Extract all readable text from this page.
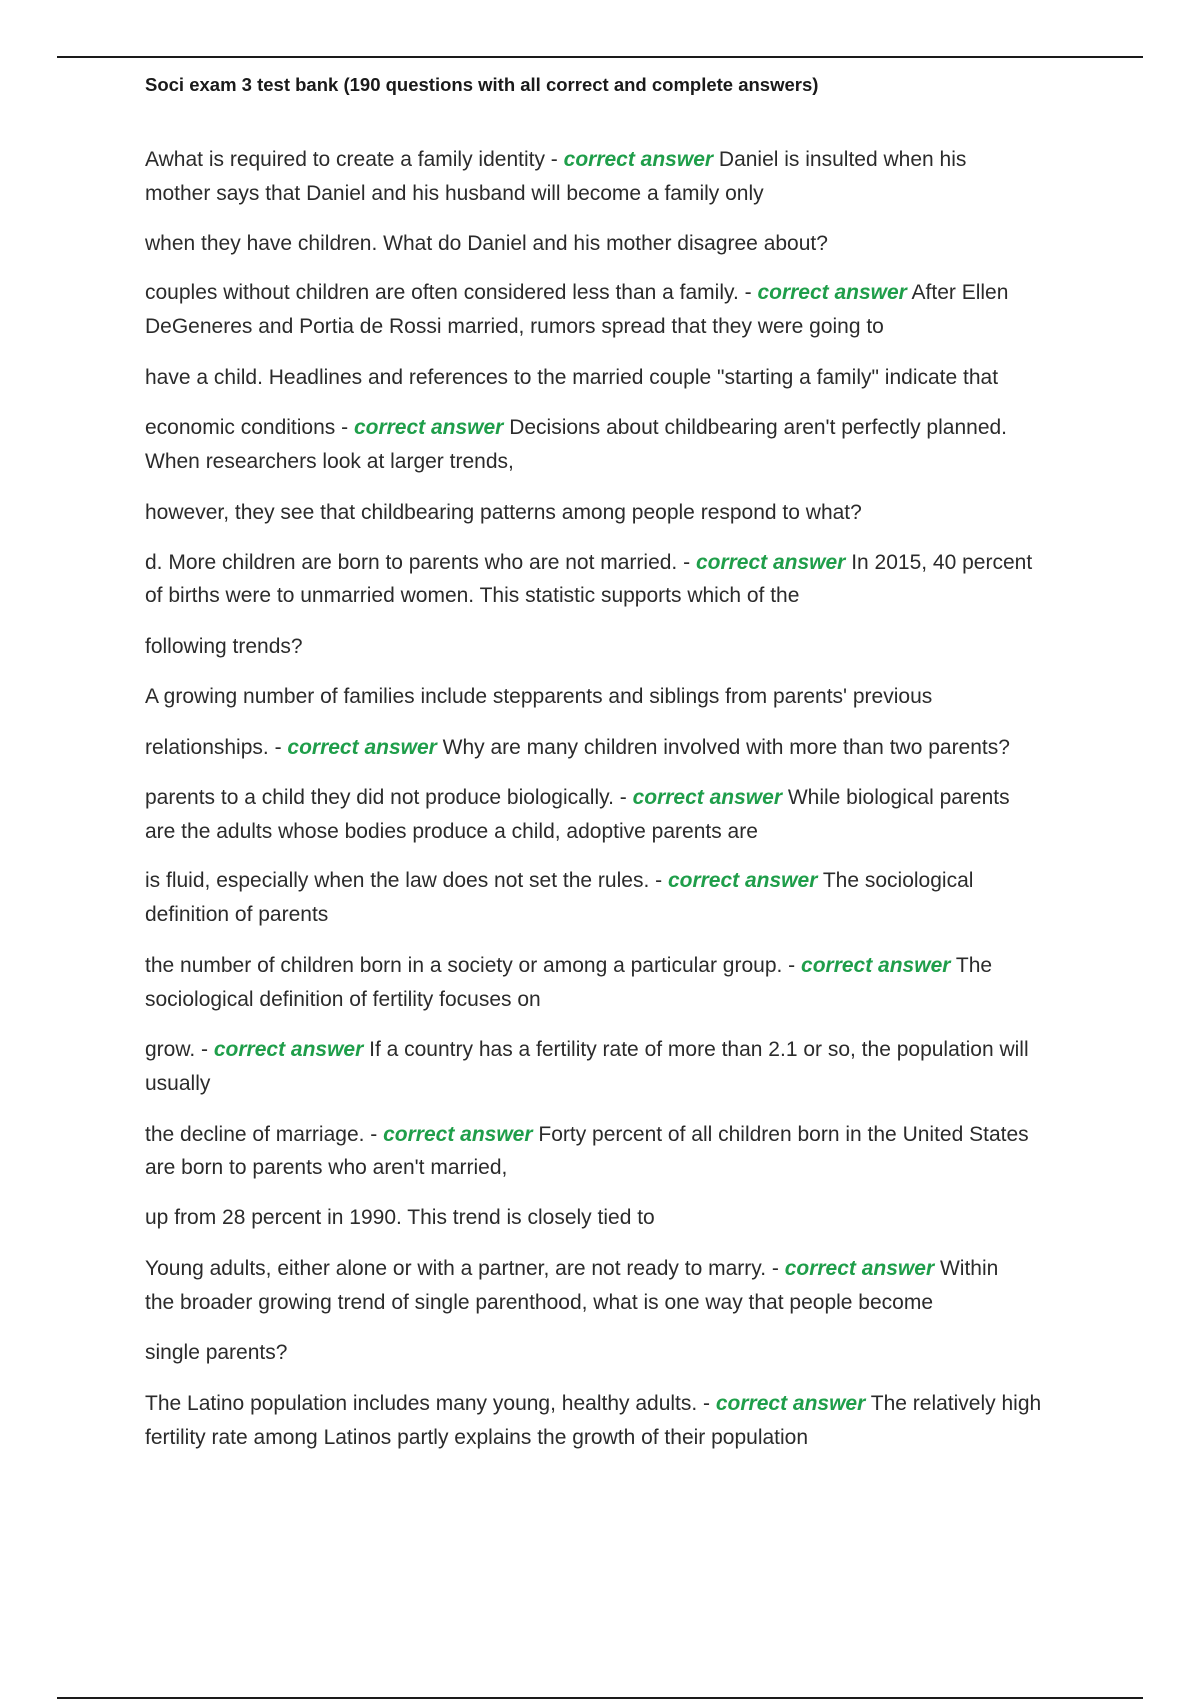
Soci exam 3 test bank (190 questions with all correct and complete answers)
Awhat is required to create a family identity - correct answer Daniel is insulted when his
mother says that Daniel and his husband will become a family only
when they have children. What do Daniel and his mother disagree about?
couples without children are often considered less than a family. - correct answer After Ellen
DeGeneres and Portia de Rossi married, rumors spread that they were going to
have a child. Headlines and references to the married couple "starting a family" indicate that
economic conditions - correct answer Decisions about childbearing aren't perfectly planned.
When researchers look at larger trends,
however, they see that childbearing patterns among people respond to what?
d. More children are born to parents who are not married. - correct answer In 2015, 40 percent
of births were to unmarried women. This statistic supports which of the
following trends?
A growing number of families include stepparents and siblings from parents' previous
relationships. - correct answer Why are many children involved with more than two parents?
parents to a child they did not produce biologically. - correct answer While biological parents
are the adults whose bodies produce a child, adoptive parents are
is fluid, especially when the law does not set the rules. - correct answer The sociological
definition of parents
the number of children born in a society or among a particular group. - correct answer The
sociological definition of fertility focuses on
grow. - correct answer If a country has a fertility rate of more than 2.1 or so, the population will
usually
the decline of marriage. - correct answer Forty percent of all children born in the United States
are born to parents who aren't married,
up from 28 percent in 1990. This trend is closely tied to
Young adults, either alone or with a partner, are not ready to marry. - correct answer Within
the broader growing trend of single parenthood, what is one way that people become
single parents?
The Latino population includes many young, healthy adults. - correct answer The relatively high
fertility rate among Latinos partly explains the growth of their population
